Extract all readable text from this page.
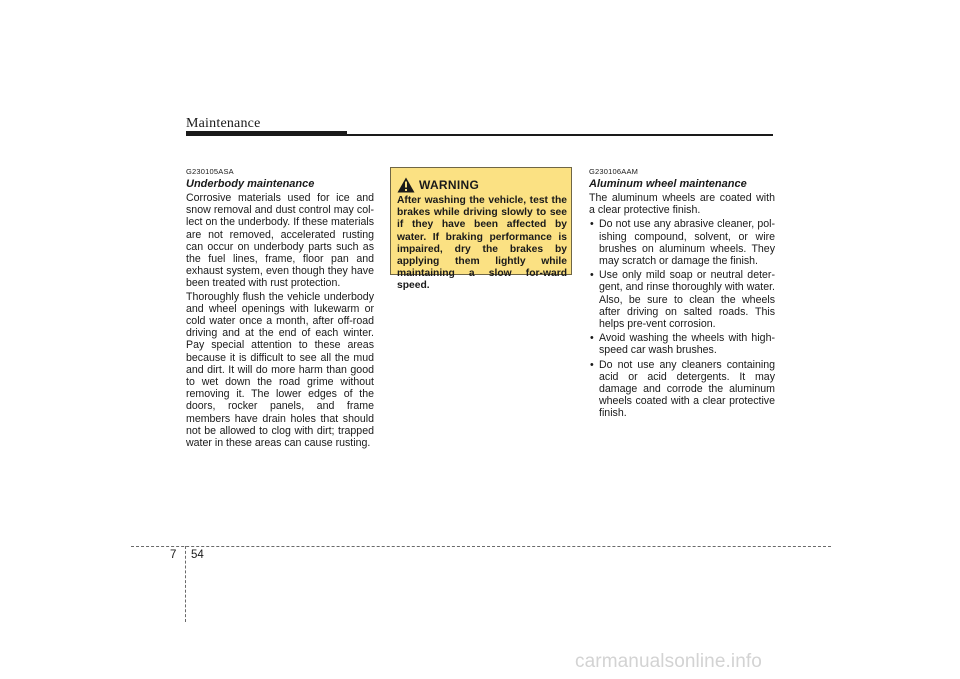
Maintenance
G230105ASA
Underbody maintenance

Corrosive materials used for ice and snow removal and dust control may col-lect on the underbody. If these materials are not removed, accelerated rusting can occur on underbody parts such as the fuel lines, frame, floor pan and exhaust system, even though they have been treated with rust protection.

Thoroughly flush the vehicle underbody and wheel openings with lukewarm or cold water once a month, after off-road driving and at the end of each winter. Pay special attention to these areas because it is difficult to see all the mud and dirt. It will do more harm than good to wet down the road grime without removing it. The lower edges of the doors, rocker panels, and frame members have drain holes that should not be allowed to clog with dirt; trapped water in these areas can cause rusting.

WARNING
After washing the vehicle, test the brakes while driving slowly to see if they have been affected by water. If braking performance is impaired, dry the brakes by applying them lightly while maintaining a slow for-ward speed.
G230106AAM
Aluminum wheel maintenance

The aluminum wheels are coated with a clear protective finish.

• Do not use any abrasive cleaner, pol-ishing compound, solvent, or wire brushes on aluminum wheels. They may scratch or damage the finish.
• Use only mild soap or neutral deter-gent, and rinse thoroughly with water. Also, be sure to clean the wheels after driving on salted roads. This helps pre-vent corrosion.
• Avoid washing the wheels with high-speed car wash brushes.
• Do not use any cleaners containing acid or acid detergents. It may damage and corrode the aluminum wheels coated with a clear protective finish.
7 54
carmanualsonline.info
